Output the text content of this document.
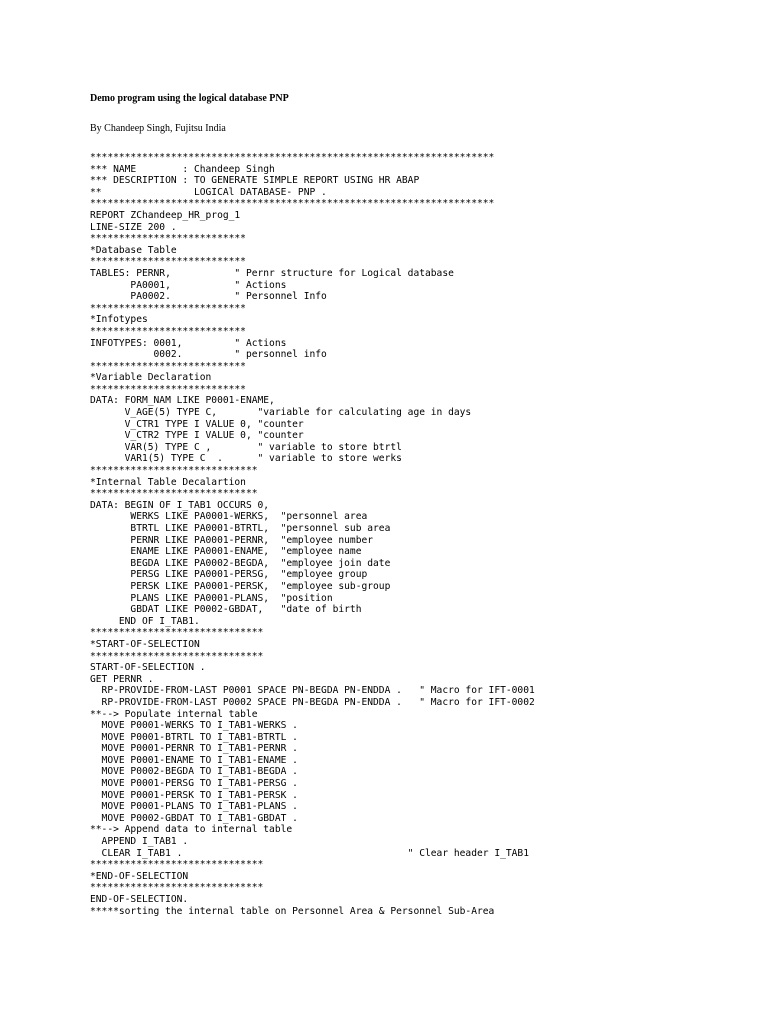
Demo program using the logical database PNP
By Chandeep Singh, Fujitsu India
**********************************************************************
*** NAME        : Chandeep Singh
*** DESCRIPTION : TO GENERATE SIMPLE REPORT USING HR ABAP
**                LOGICAl DATABASE- PNP .
**********************************************************************
REPORT ZChandeep_HR_prog_1
LINE-SIZE 200 .
***************************
*Database Table
***************************
TABLES: PERNR,           " Pernr structure for Logical database
PA0001,           " Actions
PA0002.           " Personnel Info
***************************
*Infotypes
***************************
INFOTYPES: 0001,         " Actions
0002.         " personnel info
***************************
*Variable Declaration
***************************
DATA: FORM_NAM LIKE P0001-ENAME,
V_AGE(5) TYPE C,       "variable for calculating age in days
V_CTR1 TYPE I VALUE 0, "counter
V_CTR2 TYPE I VALUE 0, "counter
VAR(5) TYPE C ,        " variable to store btrtl
VAR1(5) TYPE C  .      " variable to store werks
*****************************
*Internal Table Decalartion
*****************************
DATA: BEGIN OF I_TAB1 OCCURS 0,
WERKS LIKE PA0001-WERKS,  "personnel area
BTRTL LIKE PA0001-BTRTL,  "personnel sub area
PERNR LIKE PA0001-PERNR,  "employee number
ENAME LIKE PA0001-ENAME,  "employee name
BEGDA LIKE PA0002-BEGDA,  "employee join date
PERSG LIKE PA0001-PERSG,  "employee group
PERSK LIKE PA0001-PERSK,  "employee sub-group
PLANS LIKE PA0001-PLANS,  "position
GBDAT LIKE P0002-GBDAT,   "date of birth
END OF I_TAB1.
******************************
*START-OF-SELECTION
******************************
START-OF-SELECTION .
GET PERNR .
RP-PROVIDE-FROM-LAST P0001 SPACE PN-BEGDA PN-ENDDA .   " Macro for IFT-0001
RP-PROVIDE-FROM-LAST P0002 SPACE PN-BEGDA PN-ENDDA .   " Macro for IFT-0002
**--> Populate internal table
MOVE P0001-WERKS TO I_TAB1-WERKS .
MOVE P0001-BTRTL TO I_TAB1-BTRTL .
MOVE P0001-PERNR TO I_TAB1-PERNR .
MOVE P0001-ENAME TO I_TAB1-ENAME .
MOVE P0002-BEGDA TO I_TAB1-BEGDA .
MOVE P0001-PERSG TO I_TAB1-PERSG .
MOVE P0001-PERSK TO I_TAB1-PERSK .
MOVE P0001-PLANS TO I_TAB1-PLANS .
MOVE P0002-GBDAT TO I_TAB1-GBDAT .
**--> Append data to internal table
APPEND I_TAB1 .
CLEAR I_TAB1 .                                       " Clear header I_TAB1
******************************
*END-OF-SELECTION
******************************
END-OF-SELECTION.
*****sorting the internal table on Personnel Area & Personnel Sub-Area
